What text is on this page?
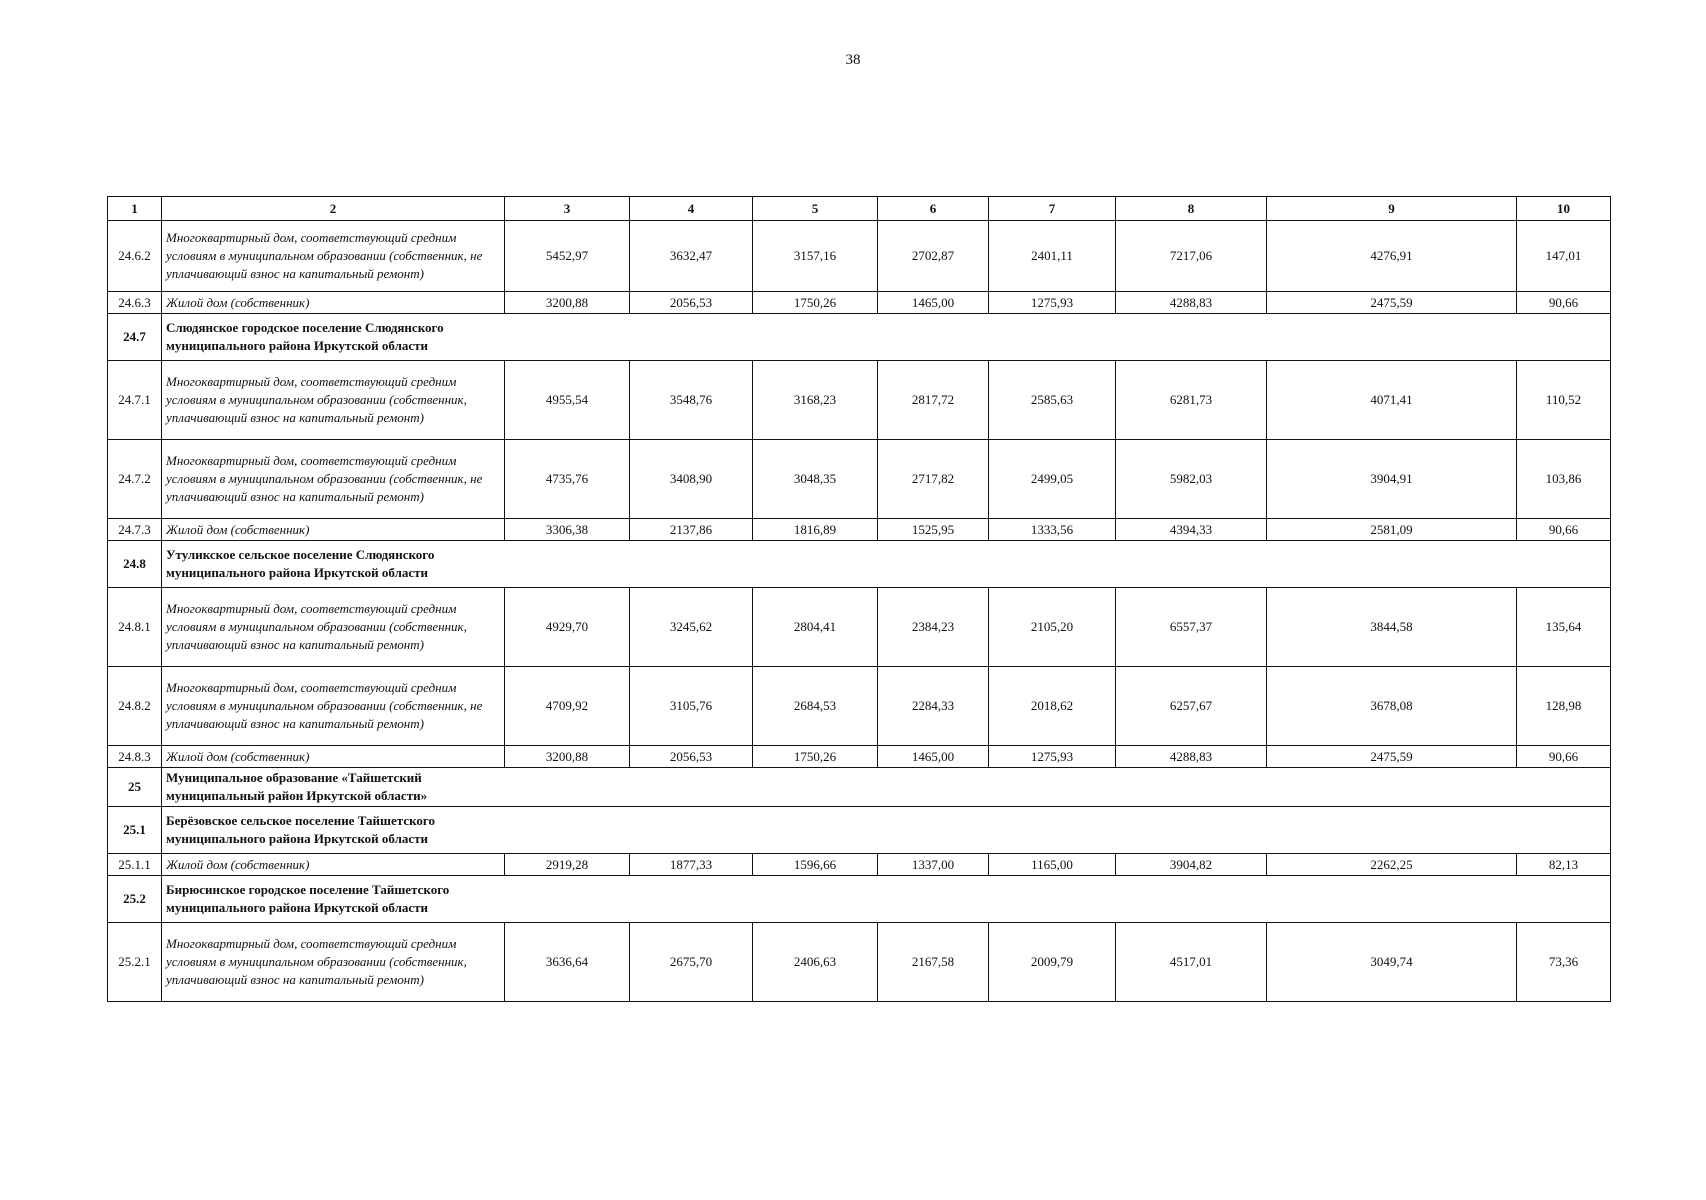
38
1	2	3	4	5	6	7	8	9	10
24.6.2	Многоквартирный дом, соответствующий средним условиям в муниципальном образовании (собственник, не уплачивающий взнос на капитальный ремонт)	5452,97	3632,47	3157,16	2702,87	2401,11	7217,06	4276,91	147,01
24.6.3	Жилой дом (собственник)	3200,88	2056,53	1750,26	1465,00	1275,93	4288,83	2475,59	90,66
24.7	Слюдянское городское поселение Слюдянского муниципального района Иркутской области								

24.7.1	Многоквартирный дом, соответствующий средним условиям в муниципальном образовании (собственник, уплачивающий взнос на капитальный ремонт)	4955,54	3548,76	3168,23	2817,72	2585,63	6281,73	4071,41	110,52
24.7.2	Многоквартирный дом, соответствующий средним условиям в муниципальном образовании (собственник, не уплачивающий взнос на капитальный ремонт)	4735,76	3408,90	3048,35	2717,82	2499,05	5982,03	3904,91	103,86
24.7.3	Жилой дом (собственник)	3306,38	2137,86	1816,89	1525,95	1333,56	4394,33	2581,09	90,66
24.8	Утуликское сельское поселение Слюдянского муниципального района Иркутской области								

24.8.1	Многоквартирный дом, соответствующий средним условиям в муниципальном образовании (собственник, уплачивающий взнос на капитальный ремонт)	4929,70	3245,62	2804,41	2384,23	2105,20	6557,37	3844,58	135,64
24.8.2	Многоквартирный дом, соответствующий средним условиям в муниципальном образовании (собственник, не уплачивающий взнос на капитальный ремонт)	4709,92	3105,76	2684,53	2284,33	2018,62	6257,67	3678,08	128,98
24.8.3	Жилой дом (собственник)	3200,88	2056,53	1750,26	1465,00	1275,93	4288,83	2475,59	90,66
25	Муниципальное образование «Тайшетский муниципальный район Иркутской области»								

25.1	Берёзовское сельское поселение Тайшетского муниципального района Иркутской области								

25.1.1	Жилой дом (собственник)	2919,28	1877,33	1596,66	1337,00	1165,00	3904,82	2262,25	82,13
25.2	Бирюсинское городское поселение Тайшетского муниципального района Иркутской области								

25.2.1	Многоквартирный дом, соответствующий средним условиям в муниципальном образовании (собственник, уплачивающий взнос на капитальный ремонт)	3636,64	2675,70	2406,63	2167,58	2009,79	4517,01	3049,74	73,36
